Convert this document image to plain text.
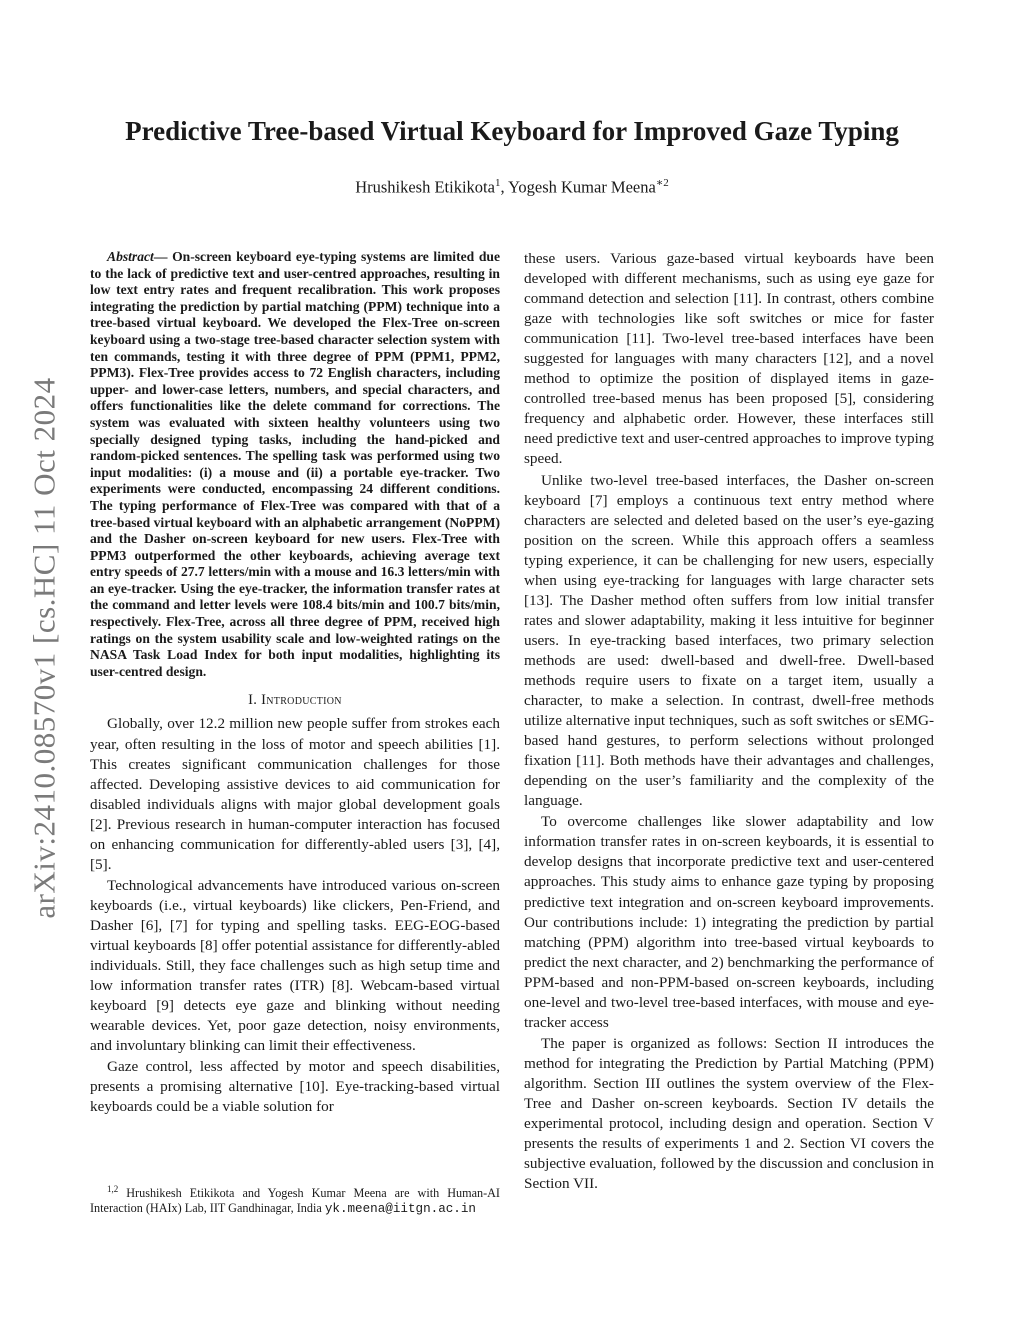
arXiv:2410.08570v1 [cs.HC] 11 Oct 2024
Predictive Tree-based Virtual Keyboard for Improved Gaze Typing
Hrushikesh Etikikota$^1$, Yogesh Kumar Meena$^{∗2}$

Abstract— On-screen keyboard eye-typing systems are limited due to the lack of predictive text and user-centred approaches, resulting in low text entry rates and frequent recalibration. This work proposes integrating the prediction by partial matching (PPM) technique into a tree-based virtual keyboard. We developed the Flex-Tree on-screen keyboard using a two-stage tree-based character selection system with ten commands, testing it with three degree of PPM (PPM1, PPM2, PPM3). Flex-Tree provides access to 72 English characters, including upper- and lower-case letters, numbers, and special characters, and offers functionalities like the delete command for corrections. The system was evaluated with sixteen healthy volunteers using two specially designed typing tasks, including the hand-picked and random-picked sentences. The spelling task was performed using two input modalities: (i) a mouse and (ii) a portable eye-tracker. Two experiments were conducted, encompassing 24 different conditions. The typing performance of Flex-Tree was compared with that of a tree-based virtual keyboard with an alphabetic arrangement (NoPPM) and the Dasher on-screen keyboard for new users. Flex-Tree with PPM3 outperformed the other keyboards, achieving average text entry speeds of 27.7 letters/min with a mouse and 16.3 letters/min with an eye-tracker. Using the eye-tracker, the information transfer rates at the command and letter levels were 108.4 bits/min and 100.7 bits/min, respectively. Flex-Tree, across all three degree of PPM, received high ratings on the system usability scale and low-weighted ratings on the NASA Task Load Index for both input modalities, highlighting its user-centred design.

I. Introduction

Globally, over 12.2 million new people suffer from strokes each year, often resulting in the loss of motor and speech abilities [1]. This creates significant communication challenges for those affected. Developing assistive devices to aid communication for disabled individuals aligns with major global development goals [2]. Previous research in human-computer interaction has focused on enhancing communication for differently-abled users [3], [4], [5].

Technological advancements have introduced various on-screen keyboards (i.e., virtual keyboards) like clickers, Pen-Friend, and Dasher [6], [7] for typing and spelling tasks. EEG-EOG-based virtual keyboards [8] offer potential assistance for differently-abled individuals. Still, they face challenges such as high setup time and low information transfer rates (ITR) [8]. Webcam-based virtual keyboard [9] detects eye gaze and blinking without needing wearable devices. Yet, poor gaze detection, noisy environments, and involuntary blinking can limit their effectiveness.

Gaze control, less affected by motor and speech disabilities, presents a promising alternative [10]. Eye-tracking-based virtual keyboards could be a viable solution for

$^{1,2}$ Hrushikesh Etikikota and Yogesh Kumar Meena are with Human-AI Interaction (HAIx) Lab, IIT Gandhinagar, India yk.meena@iitgn.ac.in

these users. Various gaze-based virtual keyboards have been developed with different mechanisms, such as using eye gaze for command detection and selection [11]. In contrast, others combine gaze with technologies like soft switches or mice for faster communication [11]. Two-level tree-based interfaces have been suggested for languages with many characters [12], and a novel method to optimize the position of displayed items in gaze-controlled tree-based menus has been proposed [5], considering frequency and alphabetic order. However, these interfaces still need predictive text and user-centred approaches to improve typing speed.

Unlike two-level tree-based interfaces, the Dasher on-screen keyboard [7] employs a continuous text entry method where characters are selected and deleted based on the user’s eye-gazing position on the screen. While this approach offers a seamless typing experience, it can be challenging for new users, especially when using eye-tracking for languages with large character sets [13]. The Dasher method often suffers from low initial transfer rates and slower adaptability, making it less intuitive for beginner users. In eye-tracking based interfaces, two primary selection methods are used: dwell-based and dwell-free. Dwell-based methods require users to fixate on a target item, usually a character, to make a selection. In contrast, dwell-free methods utilize alternative input techniques, such as soft switches or sEMG-based hand gestures, to perform selections without prolonged fixation [11]. Both methods have their advantages and challenges, depending on the user’s familiarity and the complexity of the language.

To overcome challenges like slower adaptability and low information transfer rates in on-screen keyboards, it is essential to develop designs that incorporate predictive text and user-centered approaches. This study aims to enhance gaze typing by proposing predictive text integration and on-screen keyboard improvements. Our contributions include: 1) integrating the prediction by partial matching (PPM) algorithm into tree-based virtual keyboards to predict the next character, and 2) benchmarking the performance of PPM-based and non-PPM-based on-screen keyboards, including one-level and two-level tree-based interfaces, with mouse and eye-tracker access

The paper is organized as follows: Section II introduces the method for integrating the Prediction by Partial Matching (PPM) algorithm. Section III outlines the system overview of the Flex-Tree and Dasher on-screen keyboards. Section IV details the experimental protocol, including design and operation. Section V presents the results of experiments 1 and 2. Section VI covers the subjective evaluation, followed by the discussion and conclusion in Section VII.
